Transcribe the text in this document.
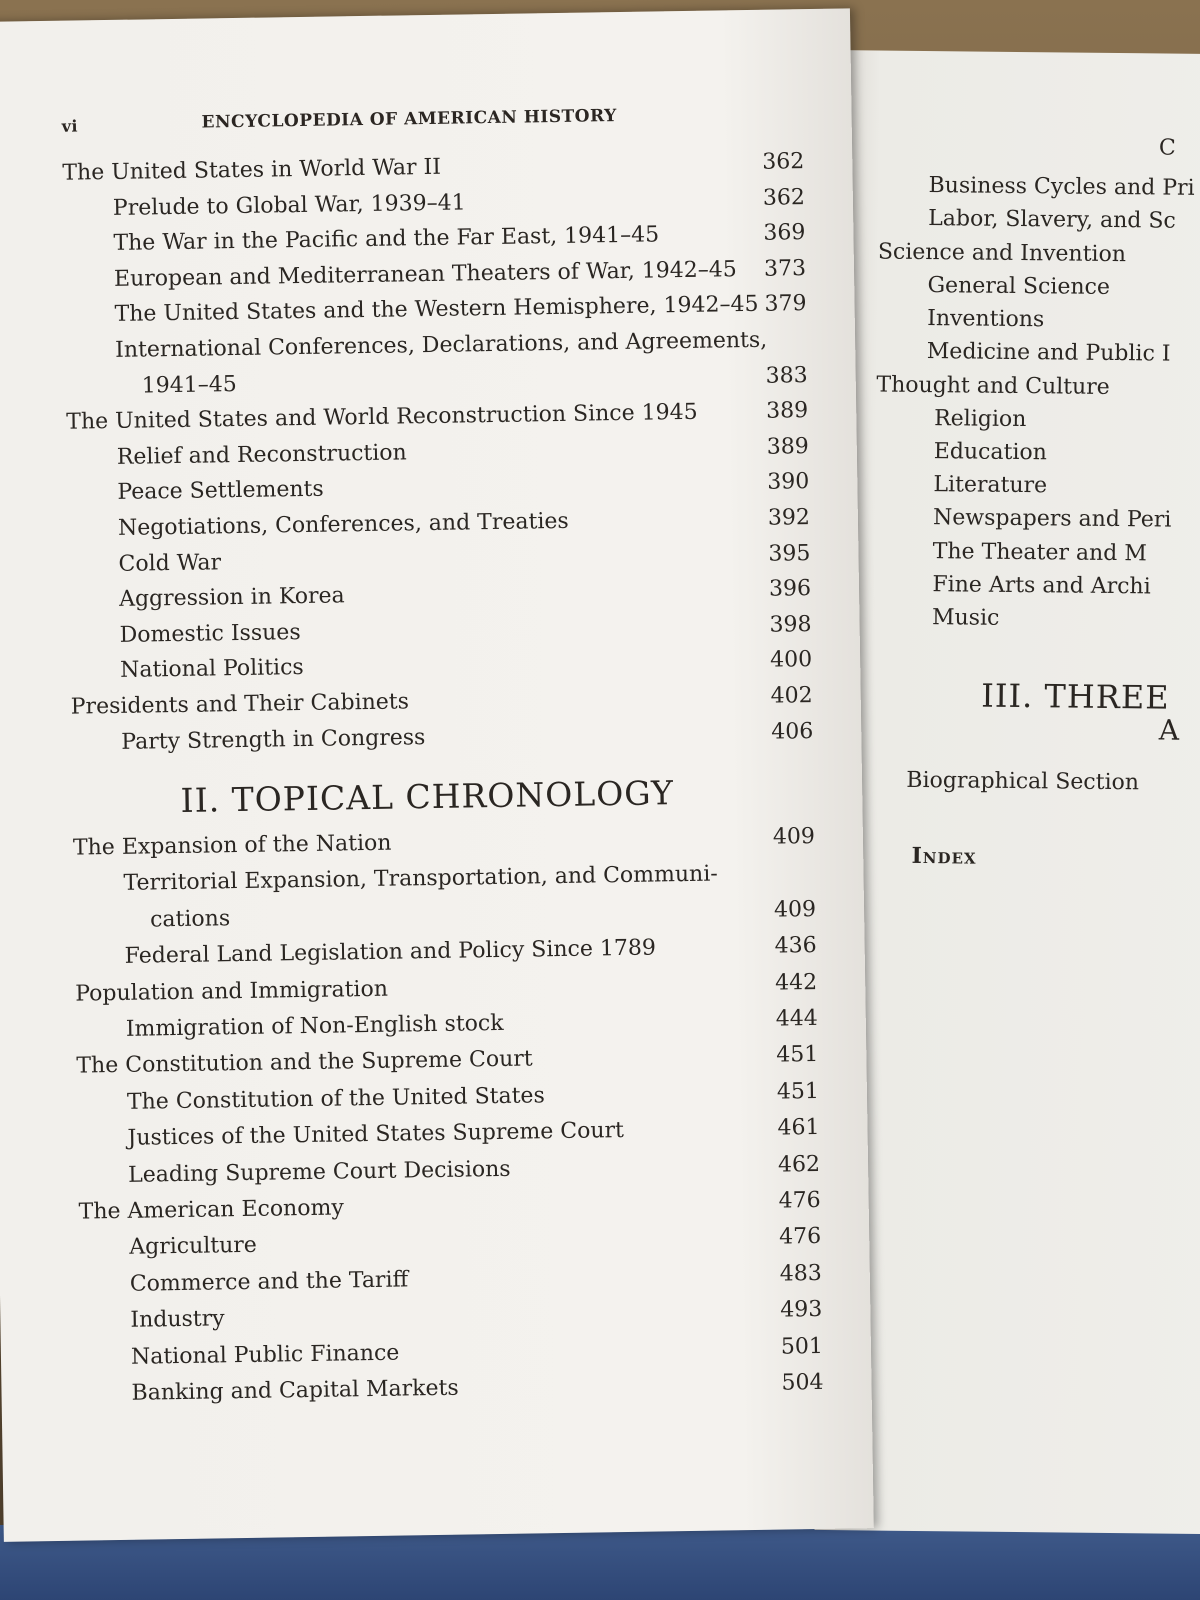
C
Business Cycles and Pri
Labor, Slavery, and Sc
Science and Invention
General Science
Inventions
Medicine and Public I
Thought and Culture
Religion
Education
Literature
Newspapers and Peri
The Theater and M
Fine Arts and Archi
Music
III. THREE
A
Biographical Section
Index
vi	ENCYCLOPEDIA OF AMERICAN HISTORY
The United States in World War II	362
Prelude to Global War, 1939–41	362
The War in the Pacific and the Far East, 1941–45	369
European and Mediterranean Theaters of War, 1942–45 373
The United States and the Western Hemisphere, 1942–45 379
International Conferences, Declarations, and Agreements,
1941–45	383
The United States and World Reconstruction Since 1945	389
Relief and Reconstruction	389
Peace Settlements	390
Negotiations, Conferences, and Treaties	392
Cold War	395
Aggression in Korea	396
Domestic Issues	398
National Politics	400
Presidents and Their Cabinets	402
Party Strength in Congress	406
II. TOPICAL CHRONOLOGY
The Expansion of the Nation	409
Territorial Expansion, Transportation, and Communi-
cations	409
Federal Land Legislation and Policy Since 1789	436
Population and Immigration	442
Immigration of Non-English stock	444
The Constitution and the Supreme Court	451
The Constitution of the United States	451
Justices of the United States Supreme Court	461
Leading Supreme Court Decisions	462
The American Economy	476
Agriculture	476
Commerce and the Tariff	483
Industry	493
National Public Finance	501
Banking and Capital Markets	504
